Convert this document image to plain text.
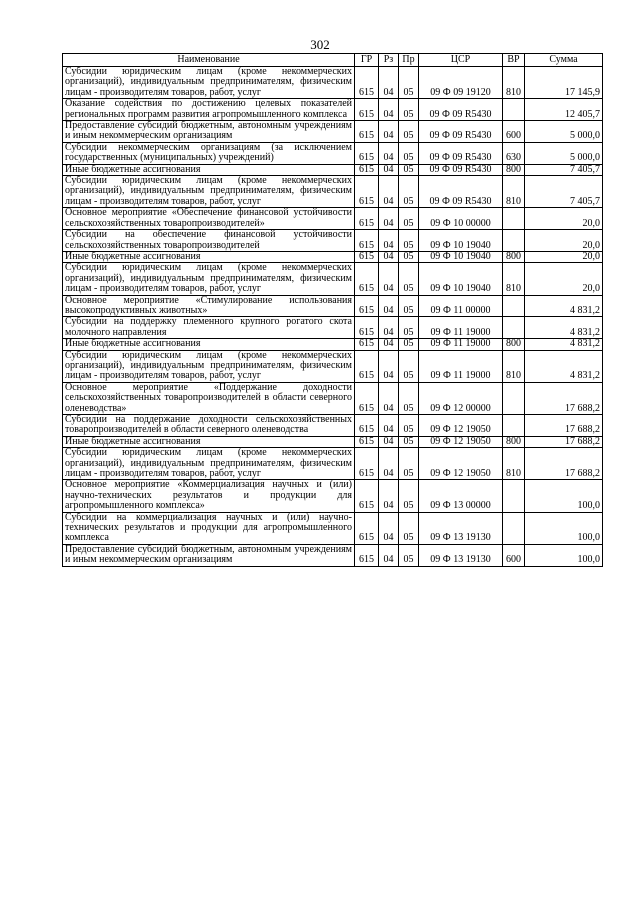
302
Наименование	ГР	Рз	Пр	ЦСР	ВР	Сумма
Субсидии юридическим лицам (кроме некоммерческих организаций), индивидуальным предпринимателям, физическим лицам - производителям товаров, работ, услуг	615	04	05	09 Ф 09 19120	810	17 145,9
Оказание содействия по достижению целевых показателей региональных программ развития агропромышленного комплекса	615	04	05	09 Ф 09 R5430		12 405,7
Предоставление субсидий бюджетным, автономным учреждениям и иным некоммерческим организациям	615	04	05	09 Ф 09 R5430	600	5 000,0
Субсидии некоммерческим организациям (за исключением государственных (муниципальных) учреждений)	615	04	05	09 Ф 09 R5430	630	5 000,0
Иные бюджетные ассигнования	615	04	05	09 Ф 09 R5430	800	7 405,7
Субсидии юридическим лицам (кроме некоммерческих организаций), индивидуальным предпринимателям, физическим лицам - производителям товаров, работ, услуг	615	04	05	09 Ф 09 R5430	810	7 405,7
Основное мероприятие «Обеспечение финансовой устойчивости сельскохозяйственных товаропроизводителей»	615	04	05	09 Ф 10 00000		20,0
Субсидии на обеспечение финансовой устойчивости сельскохозяйственных товаропроизводителей	615	04	05	09 Ф 10 19040		20,0
Иные бюджетные ассигнования	615	04	05	09 Ф 10 19040	800	20,0
Субсидии юридическим лицам (кроме некоммерческих организаций), индивидуальным предпринимателям, физическим лицам - производителям товаров, работ, услуг	615	04	05	09 Ф 10 19040	810	20,0
Основное мероприятие «Стимулирование использования высокопродуктивных животных»	615	04	05	09 Ф 11 00000		4 831,2
Субсидии на поддержку племенного крупного рогатого скота молочного направления	615	04	05	09 Ф 11 19000		4 831,2
Иные бюджетные ассигнования	615	04	05	09 Ф 11 19000	800	4 831,2
Субсидии юридическим лицам (кроме некоммерческих организаций), индивидуальным предпринимателям, физическим лицам - производителям товаров, работ, услуг	615	04	05	09 Ф 11 19000	810	4 831,2
Основное мероприятие «Поддержание доходности сельскохозяйственных товаропроизводителей в области северного оленеводства»	615	04	05	09 Ф 12 00000		17 688,2
Субсидии на поддержание доходности сельскохозяйственных товаропроизводителей в области северного оленеводства	615	04	05	09 Ф 12 19050		17 688,2
Иные бюджетные ассигнования	615	04	05	09 Ф 12 19050	800	17 688,2
Субсидии юридическим лицам (кроме некоммерческих организаций), индивидуальным предпринимателям, физическим лицам - производителям товаров, работ, услуг	615	04	05	09 Ф 12 19050	810	17 688,2
Основное мероприятие «Коммерциализация научных и (или) научно-технических результатов и продукции для агропромышленного комплекса»	615	04	05	09 Ф 13 00000		100,0
Субсидии на коммерциализация научных и (или) научно-технических результатов и продукции для агропромышленного комплекса	615	04	05	09 Ф 13 19130		100,0
Предоставление субсидий бюджетным, автономным учреждениям и иным некоммерческим организациям	615	04	05	09 Ф 13 19130	600	100,0
